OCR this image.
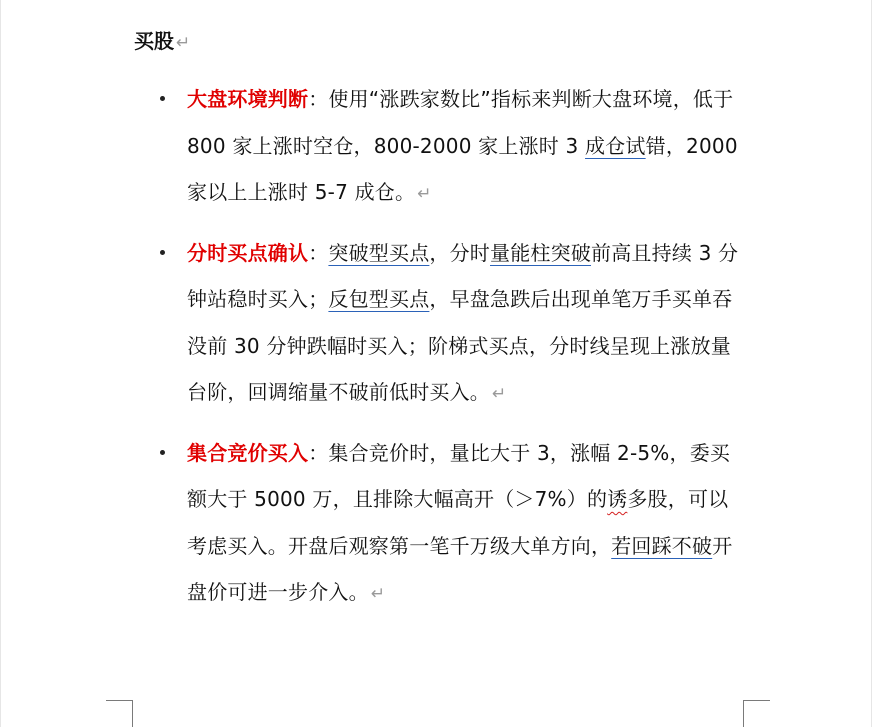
买股 ↵
大盘环境判断：使用“涨跌家数比”指标来判断大盘环境，低于 800 家上涨时空仓，800-2000 家上涨时 3 成仓试错，2000 家以上上涨时 5-7 成仓。 ↵
分时买点确认：突破型买点，分时量能柱突破前高且持续 3 分钟站稳时买入；反包型买点，早盘急跌后出现单笔万手买单吞没前 30 分钟跌幅时买入；阶梯式买点，分时线呈现上涨放量台阶，回调缩量不破前低时买入。 ↵
集合竞价买入：集合竞价时，量比大于 3，涨幅 2-5%，委买额大于 5000 万，且排除大幅高开（＞7%）的诱多股，可以考虑买入。开盘后观察第一笔千万级大单方向，若回踩不破开盘价可进一步介入。 ↵
